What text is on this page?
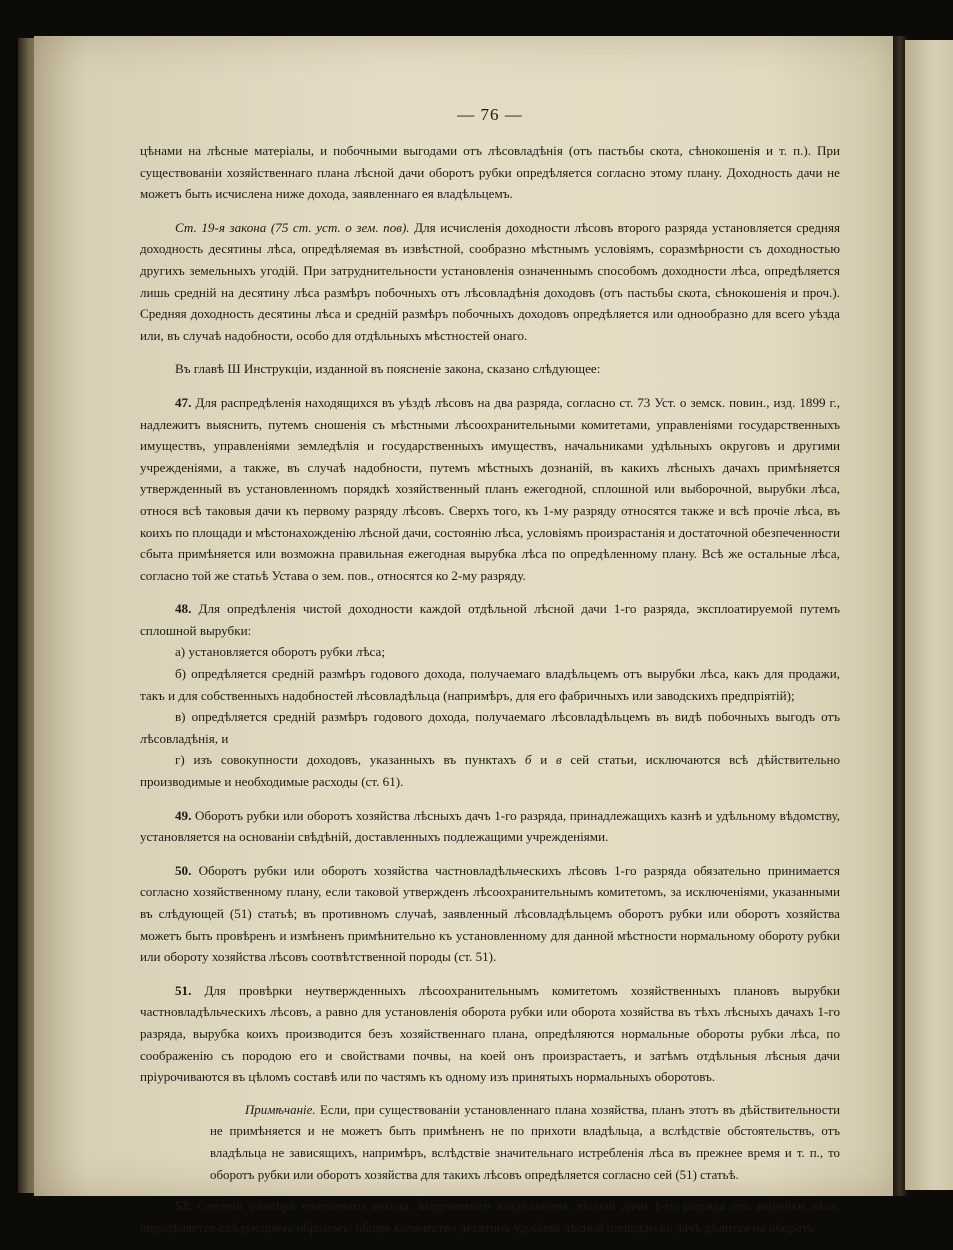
— 76 —

цѣнами на лѣсные матеріалы, и побочными выгодами отъ лѣсовладѣнія (отъ пастьбы скота, сѣнокошенія и т. п.). При существованіи хозяйственнаго плана лѣсной дачи оборотъ рубки опредѣляется согласно этому плану. Доходность дачи не можетъ быть исчислена ниже дохода, заявленнаго ея владѣльцемъ.

Ст. 19-я закона (75 ст. уст. о зем. пов). Для исчисленія доходности лѣсовъ второго разряда установляется средняя доходность десятины лѣса, опредѣляемая въ извѣстной, сообразно мѣстнымъ условіямъ, соразмѣрности съ доходностью другихъ земельныхъ угодій. При затруднительности установленія означеннымъ способомъ доходности лѣса, опредѣляется лишь средній на десятину лѣса размѣръ побочныхъ отъ лѣсовладѣнія доходовъ (отъ пастьбы скота, сѣнокошенія и проч.). Средняя доходность десятины лѣса и средній размѣръ побочныхъ доходовъ опредѣляется или однообразно для всего уѣзда или, въ случаѣ надобности, особо для отдѣльныхъ мѣстностей онаго.

Въ главѣ Ш Инструкціи, изданной въ поясненіе закона, сказано слѣдующее:

47. Для распредѣленія находящихся въ уѣздѣ лѣсовъ на два разряда, согласно ст. 73 Уст. о земск. повин., изд. 1899 г., надлежитъ выяснить, путемъ сношенія съ мѣстными лѣсоохранительными комитетами, управленіями государственныхъ имуществъ, управленіями земледѣлія и государственныхъ имуществъ, начальниками удѣльныхъ округовъ и другими учрежденіями, а также, въ случаѣ надобности, путемъ мѣстныхъ дознаній, въ какихъ лѣсныхъ дачахъ примѣняется утвержденный въ установленномъ порядкѣ хозяйственный планъ ежегодной, сплошной или выборочной, вырубки лѣса, относя всѣ таковыя дачи къ первому разряду лѣсовъ. Сверхъ того, къ 1-му разряду относятся также и всѣ прочіе лѣса, въ коихъ по площади и мѣстонахожденію лѣсной дачи, состоянію лѣса, условіямъ произрастанія и достаточной обезпеченности сбыта примѣняется или возможна правильная ежегодная вырубка лѣса по опредѣленному плану. Всѣ же остальные лѣса, согласно той же статьѣ Устава о зем. пов., относятся ко 2-му разряду.

48. Для опредѣленія чистой доходности каждой отдѣльной лѣсной дачи 1-го разряда, эксплоатируемой путемъ сплошной вырубки:

а) установляется оборотъ рубки лѣса;

б) опредѣляется средній размѣръ годового дохода, получаемаго владѣльцемъ отъ вырубки лѣса, какъ для продажи, такъ и для собственныхъ надобностей лѣсовладѣльца (напримѣръ, для его фабричныхъ или заводскихъ предпріятій);

в) опредѣляется средній размѣръ годового дохода, получаемаго лѣсовладѣльцемъ въ видѣ побочныхъ выгодъ отъ лѣсовладѣнія, и

г) изъ совокупности доходовъ, указанныхъ въ пунктахъ б и в сей статьи, исключаются всѣ дѣйствительно производимые и необходимые расходы (ст. 61).

49. Оборотъ рубки или оборотъ хозяйства лѣсныхъ дачъ 1-го разряда, принадлежащихъ казнѣ и удѣльному вѣдомству, установляется на основаніи свѣдѣній, доставленныхъ подлежащими учрежденіями.

50. Оборотъ рубки или оборотъ хозяйства частновладѣльческихъ лѣсовъ 1-го разряда обязательно принимается согласно хозяйственному плану, если таковой утвержденъ лѣсоохранительнымъ комитетомъ, за исключеніями, указанными въ слѣдующей (51) статьѣ; въ противномъ случаѣ, заявленный лѣсовладѣльцемъ оборотъ рубки или оборотъ хозяйства можетъ быть провѣренъ и измѣненъ примѣнительно къ установленному для данной мѣстности нормальному обороту рубки или обороту хозяйства лѣсовъ соотвѣтственной породы (ст. 51).

51. Для провѣрки неутвержденныхъ лѣсоохранительнымъ комитетомъ хозяйственныхъ плановъ вырубки частновладѣльческихъ лѣсовъ, а равно для установленія оборота рубки или оборота хозяйства въ тѣхъ лѣсныхъ дачахъ 1-го разряда, вырубка коихъ производится безъ хозяйственнаго плана, опредѣляются нормальные обороты рубки лѣса, по соображенію съ породою его и свойствами почвы, на коей онъ произрастаетъ, и затѣмъ отдѣльныя лѣсныя дачи пріурочиваются въ цѣломъ составѣ или по частямъ къ одному изъ принятыхъ нормальныхъ оборотовъ.

Примѣчаніе. Если, при существованіи установленнаго плана хозяйства, планъ этотъ въ дѣйствительности не примѣняется и не можетъ быть примѣненъ не по прихоти владѣльца, а вслѣдствіе обстоятельствъ, отъ владѣльца не зависящихъ, напримѣръ, вслѣдствіе значительнаго истребленія лѣса въ прежнее время и т. п., то оборотъ рубки или оборотъ хозяйства для такихъ лѣсовъ опредѣляется согласно сей (51) статьѣ.

52. Средній размѣръ ежегоднаго дохода, выручаемаго владѣльцемъ лѣсной дачи 1-го разряда отъ вырубки лѣса, опредѣляется слѣдующимъ образомъ: общее количество десятинъ удобной лѣсной площади въ дачѣ дѣлится на оборотъ
